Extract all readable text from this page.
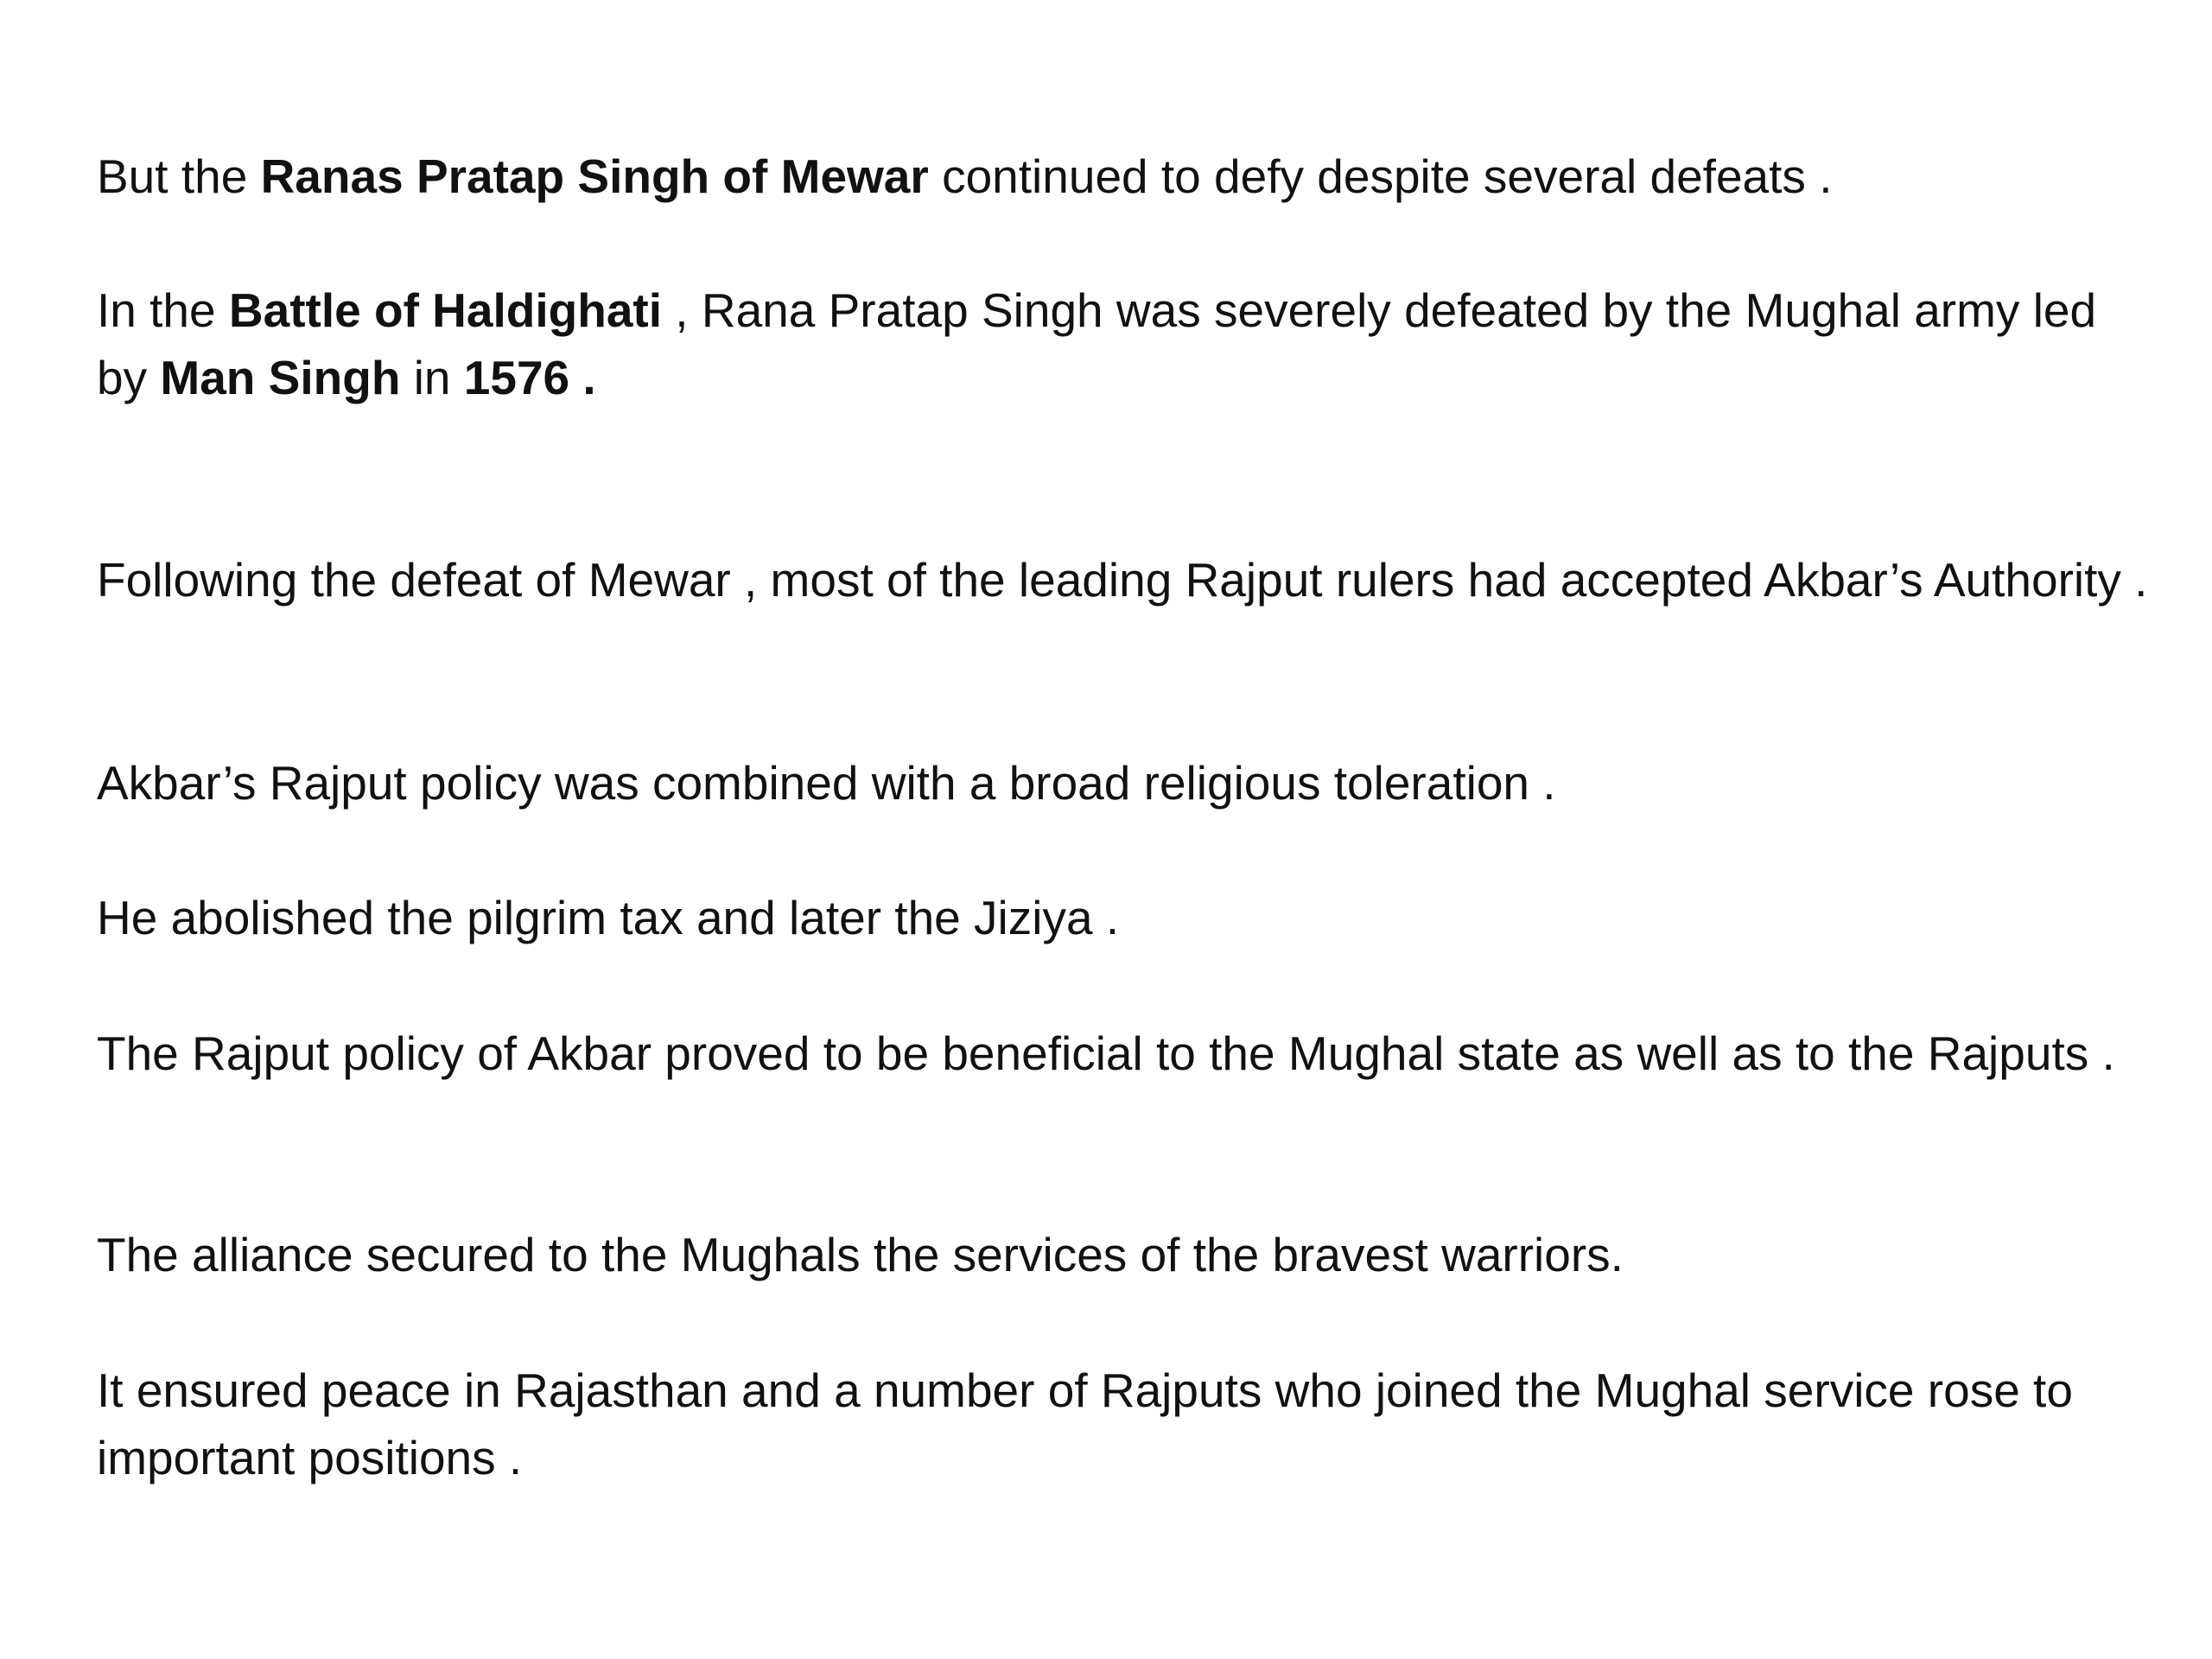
But the Ranas Pratap Singh of Mewar continued to defy despite several defeats .

In the Battle of Haldighati , Rana Pratap Singh was severely defeated by the Mughal army led by Man Singh in 1576 .

Following the defeat of Mewar , most of the leading Rajput rulers had accepted Akbar’s Authority .

Akbar’s Rajput policy was combined with a broad religious toleration .

He abolished the pilgrim tax and later the Jiziya .

The Rajput policy of Akbar proved to be beneficial to the Mughal state as well as to the Rajputs .

The alliance secured to the Mughals the services of the bravest warriors.

It ensured peace in Rajasthan and a number of Rajputs who joined the Mughal service rose to important positions .
